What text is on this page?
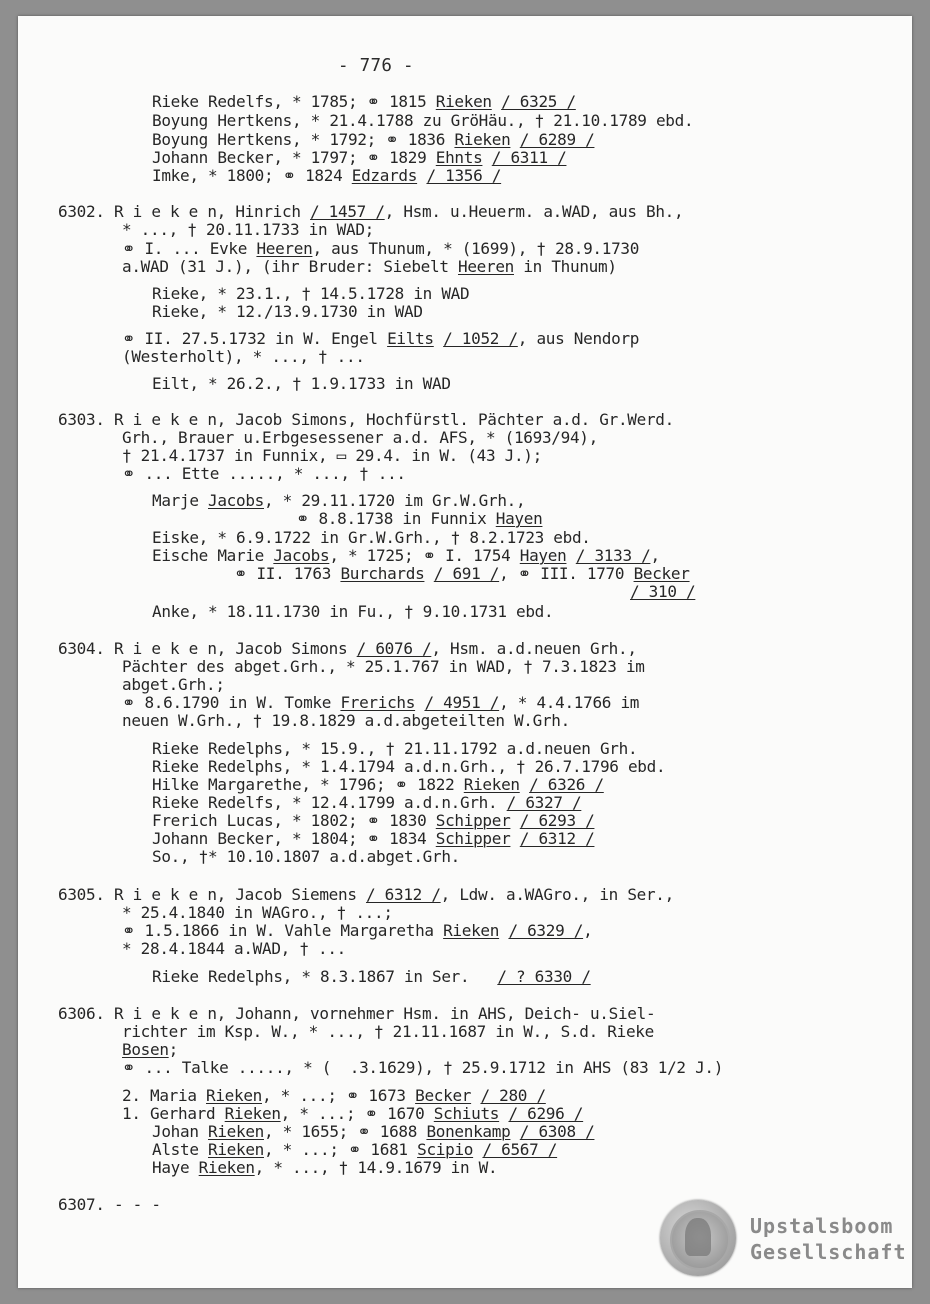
- 776 -
Rieke Redelfs, * 1785; ⚭ 1815 Rieken / 6325 /
Boyung Hertkens, * 21.4.1788 zu GröHäu., † 21.10.1789 ebd.
Boyung Hertkens, * 1792; ⚭ 1836 Rieken / 6289 /
Johann Becker, * 1797; ⚭ 1829 Ehnts / 6311 /
Imke, * 1800; ⚭ 1824 Edzards / 1356 /
6302. R i e k e n, Hinrich / 1457 /, Hsm. u.Heuerm. a.WAD, aus Bh.,
* ..., † 20.11.1733 in WAD;
⚭ I. ... Evke Heeren, aus Thunum, * (1699), † 28.9.1730
a.WAD (31 J.), (ihr Bruder: Siebelt Heeren in Thunum)
Rieke, * 23.1., † 14.5.1728 in WAD
Rieke, * 12./13.9.1730 in WAD
⚭ II. 27.5.1732 in W. Engel Eilts / 1052 /, aus Nendorp
(Westerholt), * ..., † ...
Eilt, * 26.2., † 1.9.1733 in WAD
6303. R i e k e n, Jacob Simons, Hochfürstl. Pächter a.d. Gr.Werd.
Grh., Brauer u.Erbgesessener a.d. AFS, * (1693/94),
† 21.4.1737 in Funnix, ▭ 29.4. in W. (43 J.);
⚭ ... Ette ....., * ..., † ...
Marje Jacobs, * 29.11.1720 im Gr.W.Grh.,
⚭ 8.8.1738 in Funnix Hayen
Eiske, * 6.9.1722 in Gr.W.Grh., † 8.2.1723 ebd.
Eische Marie Jacobs, * 1725; ⚭ I. 1754 Hayen / 3133 /,
⚭ II. 1763 Burchards / 691 /, ⚭ III. 1770 Becker
/ 310 /
Anke, * 18.11.1730 in Fu., † 9.10.1731 ebd.
6304. R i e k e n, Jacob Simons / 6076 /, Hsm. a.d.neuen Grh.,
Pächter des abget.Grh., * 25.1.767 in WAD, † 7.3.1823 im
abget.Grh.;
⚭ 8.6.1790 in W. Tomke Frerichs / 4951 /, * 4.4.1766 im
neuen W.Grh., † 19.8.1829 a.d.abgeteilten W.Grh.
Rieke Redelphs, * 15.9., † 21.11.1792 a.d.neuen Grh.
Rieke Redelphs, * 1.4.1794 a.d.n.Grh., † 26.7.1796 ebd.
Hilke Margarethe, * 1796; ⚭ 1822 Rieken / 6326 /
Rieke Redelfs, * 12.4.1799 a.d.n.Grh. / 6327 /
Frerich Lucas, * 1802; ⚭ 1830 Schipper / 6293 /
Johann Becker, * 1804; ⚭ 1834 Schipper / 6312 /
So., †* 10.10.1807 a.d.abget.Grh.
6305. R i e k e n, Jacob Siemens / 6312 /, Ldw. a.WAGro., in Ser.,
* 25.4.1840 in WAGro., † ...;
⚭ 1.5.1866 in W. Vahle Margaretha Rieken / 6329 /,
* 28.4.1844 a.WAD, † ...
Rieke Redelphs, * 8.3.1867 in Ser.   / ? 6330 /
6306. R i e k e n, Johann, vornehmer Hsm. in AHS, Deich- u.Siel-
richter im Ksp. W., * ..., † 21.11.1687 in W., S.d. Rieke
Bosen;
⚭ ... Talke ....., * (  .3.1629), † 25.9.1712 in AHS (83 1/2 J.)
2. Maria Rieken, * ...; ⚭ 1673 Becker / 280 /
1. Gerhard Rieken, * ...; ⚭ 1670 Schiuts / 6296 /
Johan Rieken, * 1655; ⚭ 1688 Bonenkamp / 6308 /
Alste Rieken, * ...; ⚭ 1681 Scipio / 6567 /
Haye Rieken, * ..., † 14.9.1679 in W.
6307. - - -
Upstalsboom
Gesellschaft
